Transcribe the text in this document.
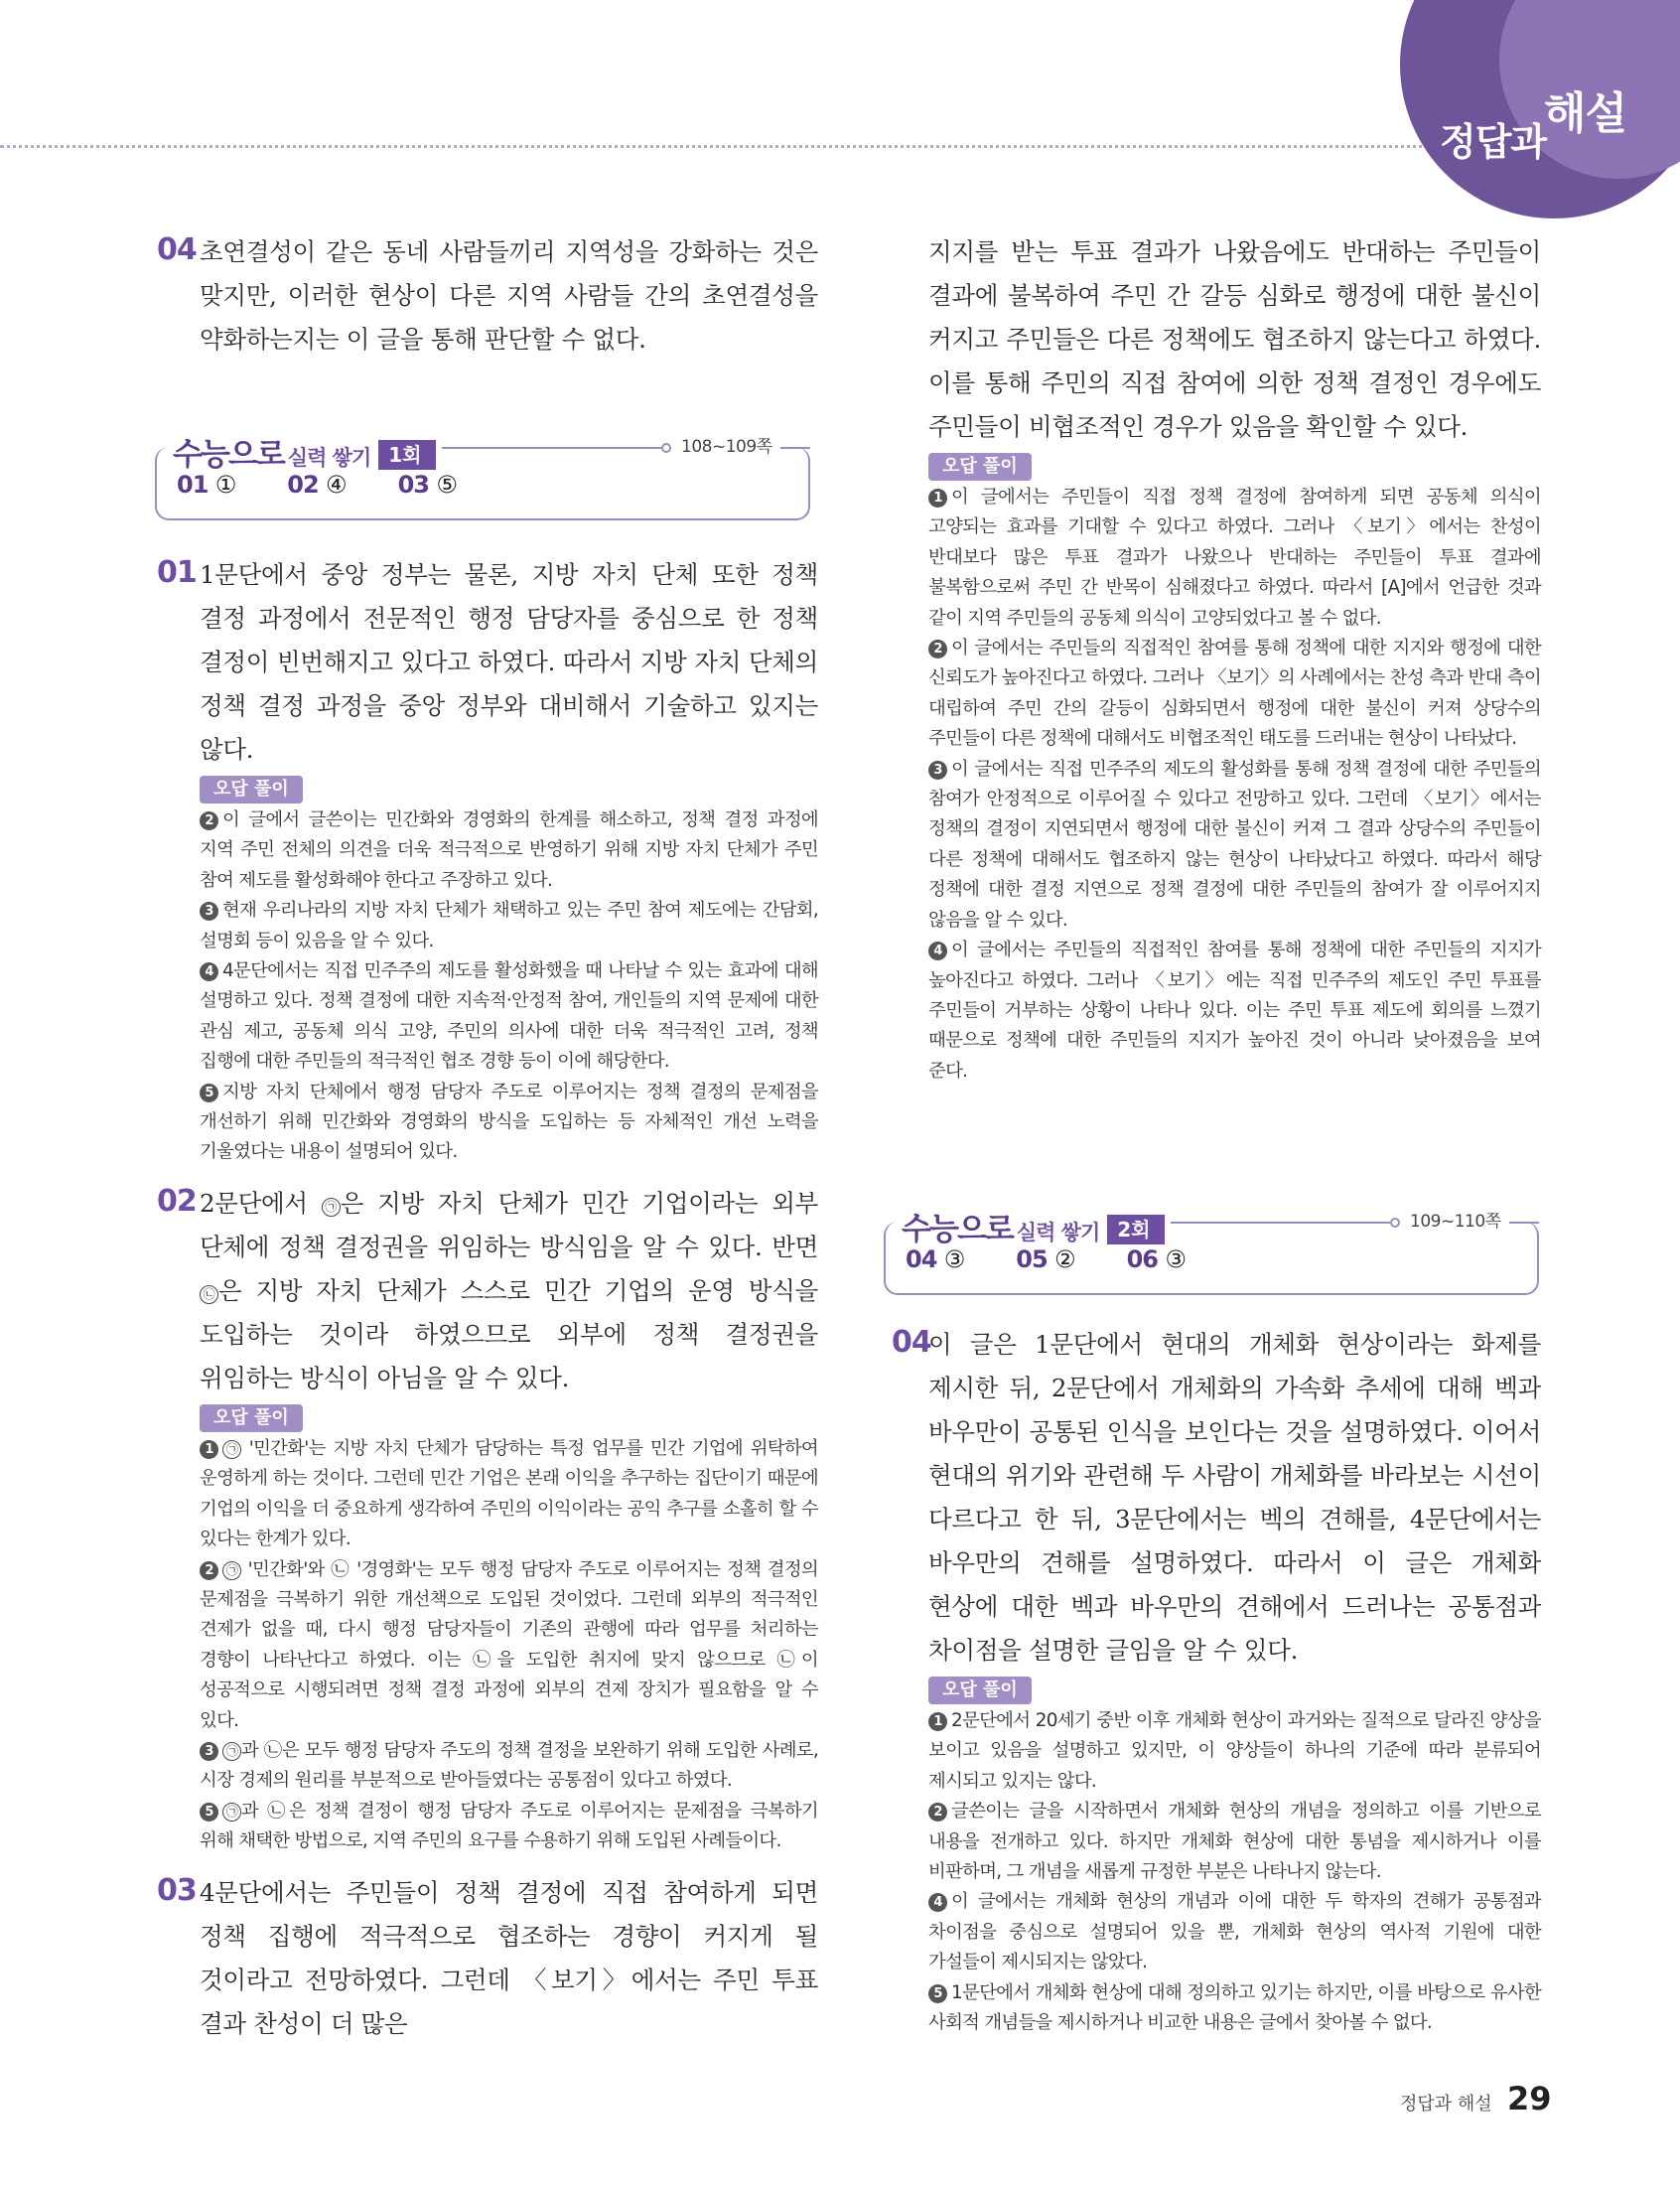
정답과
해설
04 초연결성이 같은 동네 사람들끼리 지역성을 강화하는 것은 맞지만, 이러한 현상이 다른 지역 사람들 간의 초연결성을 약화하는지는 이 글을 통해 판단할 수 없다.
수능으로 실력 쌓기 1회	108~109쪽
01 ① 02 ④ 03 ⑤
01 1문단에서 중앙 정부는 물론, 지방 자치 단체 또한 정책 결정 과정에서 전문적인 행정 담당자를 중심으로 한 정책 결정이 빈번해지고 있다고 하였다. 따라서 지방 자치 단체의 정책 결정 과정을 중앙 정부와 대비해서 기술하고 있지는 않다.
오답 풀이
2 이 글에서 글쓴이는 민간화와 경영화의 한계를 해소하고, 정책 결정 과정에 지역 주민 전체의 의견을 더욱 적극적으로 반영하기 위해 지방 자치 단체가 주민 참여 제도를 활성화해야 한다고 주장하고 있다.
3 현재 우리나라의 지방 자치 단체가 채택하고 있는 주민 참여 제도에는 간담회, 설명회 등이 있음을 알 수 있다.
4 4문단에서는 직접 민주주의 제도를 활성화했을 때 나타날 수 있는 효과에 대해 설명하고 있다. 정책 결정에 대한 지속적·안정적 참여, 개인들의 지역 문제에 대한 관심 제고, 공동체 의식 고양, 주민의 의사에 대한 더욱 적극적인 고려, 정책 집행에 대한 주민들의 적극적인 협조 경향 등이 이에 해당한다.
5 지방 자치 단체에서 행정 담당자 주도로 이루어지는 정책 결정의 문제점을 개선하기 위해 민간화와 경영화의 방식을 도입하는 등 자체적인 개선 노력을 기울였다는 내용이 설명되어 있다.
02 2문단에서 ㉠ 은 지방 자치 단체가 민간 기업이라는 외부 단체에 정책 결정권을 위임하는 방식임을 알 수 있다. 반면 ㉡ 은 지방 자치 단체가 스스로 민간 기업의 운영 방식을 도입하는 것이라 하였으므로 외부에 정책 결정권을 위임하는 방식이 아님을 알 수 있다.
오답 풀이
1 ㉠ '민간화'는 지방 자치 단체가 담당하는 특정 업무를 민간 기업에 위탁하여 운영하게 하는 것이다. 그런데 민간 기업은 본래 이익을 추구하는 집단이기 때문에 기업의 이익을 더 중요하게 생각하여 주민의 이익이라는 공익 추구를 소홀히 할 수 있다는 한계가 있다.
2 ㉠ '민간화'와 ㉡ '경영화'는 모두 행정 담당자 주도로 이루어지는 정책 결정의 문제점을 극복하기 위한 개선책으로 도입된 것이었다. 그런데 외부의 적극적인 견제가 없을 때, 다시 행정 담당자들이 기존의 관행에 따라 업무를 처리하는 경향이 나타난다고 하였다. 이는 ㉡을 도입한 취지에 맞지 않으므로 ㉡이 성공적으로 시행되려면 정책 결정 과정에 외부의 견제 장치가 필요함을 알 수 있다.
3 ㉠ 과 ㉡은 모두 행정 담당자 주도의 정책 결정을 보완하기 위해 도입한 사례로, 시장 경제의 원리를 부분적으로 받아들였다는 공통점이 있다고 하였다.
5 ㉠ 과 ㉡은 정책 결정이 행정 담당자 주도로 이루어지는 문제점을 극복하기 위해 채택한 방법으로, 지역 주민의 요구를 수용하기 위해 도입된 사례들이다.
03 4문단에서는 주민들이 정책 결정에 직접 참여하게 되면 정책 집행에 적극적으로 협조하는 경향이 커지게 될 것이라고 전망하였다. 그런데 〈보기〉에서는 주민 투표 결과 찬성이 더 많은
지지를 받는 투표 결과가 나왔음에도 반대하는 주민들이 결과에 불복하여 주민 간 갈등 심화로 행정에 대한 불신이 커지고 주민들은 다른 정책에도 협조하지 않는다고 하였다. 이를 통해 주민의 직접 참여에 의한 정책 결정인 경우에도 주민들이 비협조적인 경우가 있음을 확인할 수 있다.
오답 풀이
1 이 글에서는 주민들이 직접 정책 결정에 참여하게 되면 공동체 의식이 고양되는 효과를 기대할 수 있다고 하였다. 그러나 〈보기〉에서는 찬성이 반대보다 많은 투표 결과가 나왔으나 반대하는 주민들이 투표 결과에 불복함으로써 주민 간 반목이 심해졌다고 하였다. 따라서 [A]에서 언급한 것과 같이 지역 주민들의 공동체 의식이 고양되었다고 볼 수 없다.
2 이 글에서는 주민들의 직접적인 참여를 통해 정책에 대한 지지와 행정에 대한 신뢰도가 높아진다고 하였다. 그러나 〈보기〉의 사례에서는 찬성 측과 반대 측이 대립하여 주민 간의 갈등이 심화되면서 행정에 대한 불신이 커져 상당수의 주민들이 다른 정책에 대해서도 비협조적인 태도를 드러내는 현상이 나타났다.
3 이 글에서는 직접 민주주의 제도의 활성화를 통해 정책 결정에 대한 주민들의 참여가 안정적으로 이루어질 수 있다고 전망하고 있다. 그런데 〈보기〉에서는 정책의 결정이 지연되면서 행정에 대한 불신이 커져 그 결과 상당수의 주민들이 다른 정책에 대해서도 협조하지 않는 현상이 나타났다고 하였다. 따라서 해당 정책에 대한 결정 지연으로 정책 결정에 대한 주민들의 참여가 잘 이루어지지 않음을 알 수 있다.
4 이 글에서는 주민들의 직접적인 참여를 통해 정책에 대한 주민들의 지지가 높아진다고 하였다. 그러나 〈보기〉에는 직접 민주주의 제도인 주민 투표를 주민들이 거부하는 상황이 나타나 있다. 이는 주민 투표 제도에 회의를 느꼈기 때문으로 정책에 대한 주민들의 지지가 높아진 것이 아니라 낮아졌음을 보여 준다.
수능으로 실력 쌓기 2회	109~110쪽
04 ③ 05 ② 06 ③
04
이 글은 1문단에서 현대의 개체화 현상이라는 화제를 제시한 뒤, 2문단에서 개체화의 가속화 추세에 대해 벡과 바우만이 공통된 인식을 보인다는 것을 설명하였다. 이어서 현대의 위기와 관련해 두 사람이 개체화를 바라보는 시선이 다르다고 한 뒤, 3문단에서는 벡의 견해를, 4문단에서는 바우만의 견해를 설명하였다. 따라서 이 글은 개체화 현상에 대한 벡과 바우만의 견해에서 드러나는 공통점과 차이점을 설명한 글임을 알 수 있다.
오답 풀이
1 2문단에서 20세기 중반 이후 개체화 현상이 과거와는 질적으로 달라진 양상을 보이고 있음을 설명하고 있지만, 이 양상들이 하나의 기준에 따라 분류되어 제시되고 있지는 않다.
2 글쓴이는 글을 시작하면서 개체화 현상의 개념을 정의하고 이를 기반으로 내용을 전개하고 있다. 하지만 개체화 현상에 대한 통념을 제시하거나 이를 비판하며, 그 개념을 새롭게 규정한 부분은 나타나지 않는다.
4 이 글에서는 개체화 현상의 개념과 이에 대한 두 학자의 견해가 공통점과 차이점을 중심으로 설명되어 있을 뿐, 개체화 현상의 역사적 기원에 대한 가설들이 제시되지는 않았다.
5 1문단에서 개체화 현상에 대해 정의하고 있기는 하지만, 이를 바탕으로 유사한 사회적 개념들을 제시하거나 비교한 내용은 글에서 찾아볼 수 없다.
정답과 해설 29
